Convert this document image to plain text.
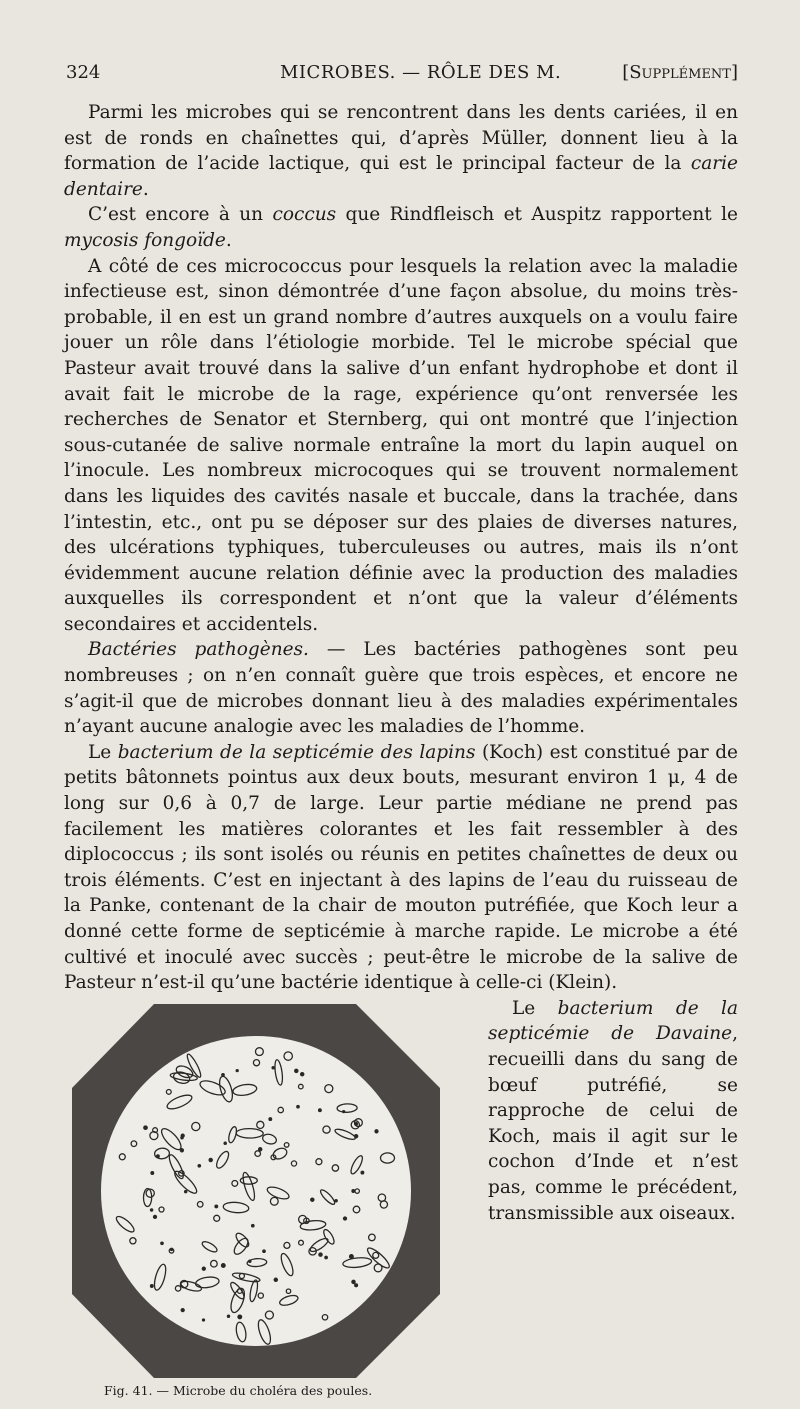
324	MICROBES. — RÔLE DES M.	[Supplément]

Parmi les microbes qui se rencontrent dans les dents cariées, il en est de ronds en chaînettes qui, d’après Müller, donnent lieu à la formation de l’acide lactique, qui est le principal facteur de la carie dentaire.

C’est encore à un coccus que Rindfleisch et Auspitz rapportent le mycosis fongoïde.

A côté de ces micrococcus pour lesquels la relation avec la maladie infectieuse est, sinon démontrée d’une façon absolue, du moins très-probable, il en est un grand nombre d’autres auxquels on a voulu faire jouer un rôle dans l’étiologie morbide. Tel le microbe spécial que Pasteur avait trouvé dans la salive d’un enfant hydrophobe et dont il avait fait le microbe de la rage, expérience qu’ont renversée les recherches de Senator et Sternberg, qui ont montré que l’injection sous-cutanée de salive normale entraîne la mort du lapin auquel on l’inocule. Les nombreux microcoques qui se trouvent normalement dans les liquides des cavités nasale et buccale, dans la trachée, dans l’intestin, etc., ont pu se déposer sur des plaies de diverses natures, des ulcérations typhiques, tuberculeuses ou autres, mais ils n’ont évidemment aucune relation définie avec la production des maladies auxquelles ils correspondent et n’ont que la valeur d’éléments secondaires et accidentels.

Bactéries pathogènes. — Les bactéries pathogènes sont peu nombreuses ; on n’en connaît guère que trois espèces, et encore ne s’agit-il que de microbes donnant lieu à des maladies expérimentales n’ayant aucune analogie avec les maladies de l’homme.

Le bacterium de la septicémie des lapins (Koch) est constitué par de petits bâtonnets pointus aux deux bouts, mesurant environ 1 μ, 4 de long sur 0,6 à 0,7 de large. Leur partie médiane ne prend pas facilement les matières colorantes et les fait ressembler à des diplococcus ; ils sont isolés ou réunis en petites chaînettes de deux ou trois éléments. C’est en injectant à des lapins de l’eau du ruisseau de la Panke, contenant de la chair de mouton putréfiée, que Koch leur a donné cette forme de septicémie à marche rapide. Le microbe a été cultivé et inoculé avec succès ; peut-être le microbe de la salive de Pasteur n’est-il qu’une bactérie identique à celle-ci (Klein).

Fig. 41. — Microbe du choléra des poules.

Le bacterium de la septicémie de Davaine, recueilli dans du sang de bœuf putréfié, se rapproche de celui de Koch, mais il agit sur le cochon d’Inde et n’est pas, comme le précédent, transmissible aux oiseaux.
